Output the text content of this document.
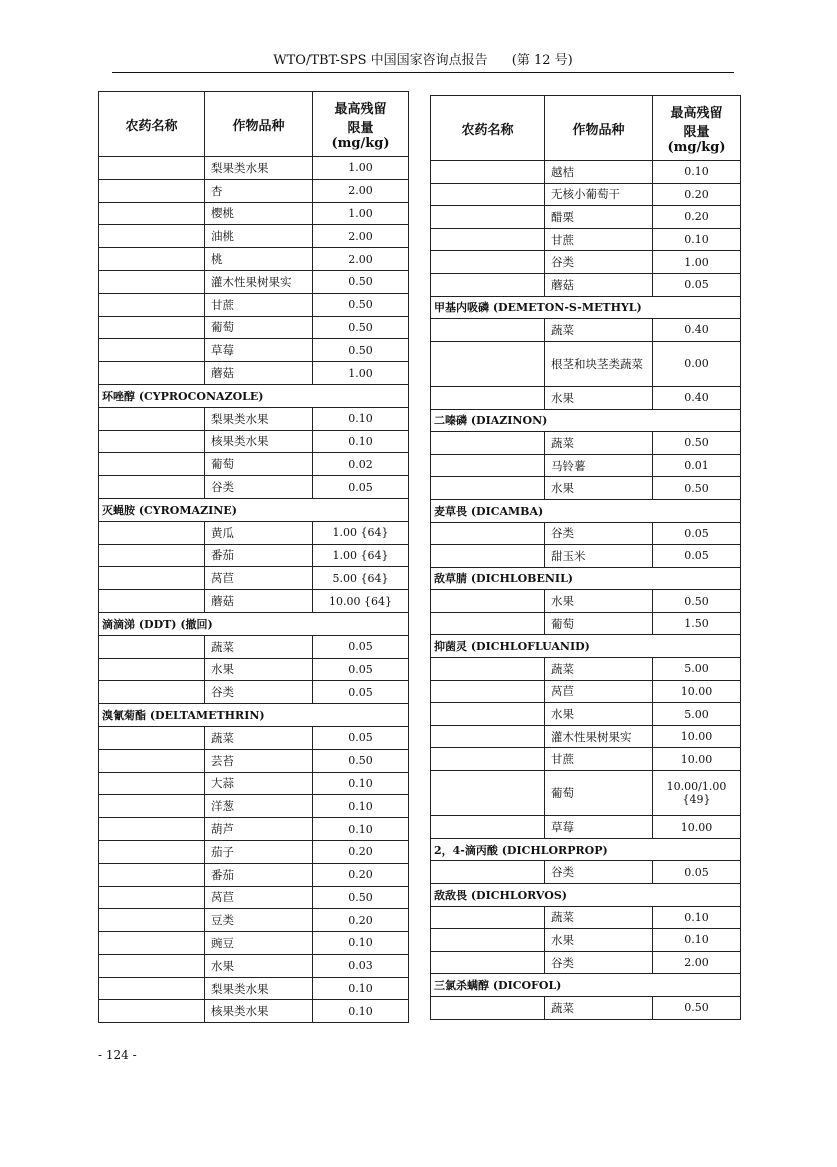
WTO/TBT-SPS 中国国家咨询点报告 (第 12 号)
农药名称	作物品种	最高残留
限量
(mg/kg)

	梨果类水果	1.00
	杏	2.00
	樱桃	1.00
	油桃	2.00
	桃	2.00
	灌木性果树果实	0.50
	甘蔗	0.50
	葡萄	0.50
	草莓	0.50
	蘑菇	1.00
环唑醇 (CYPROCONAZOLE)		
	梨果类水果	0.10
	核果类水果	0.10
	葡萄	0.02
	谷类	0.05
灭蝇胺 (CYROMAZINE)		
	黄瓜	1.00 {64}
	番茄	1.00 {64}
	莴苣	5.00 {64}
	蘑菇	10.00 {64}
滴滴涕 (DDT) (撤回)		
	蔬菜	0.05
	水果	0.05
	谷类	0.05
溴氰菊酯 (DELTAMETHRIN)		
	蔬菜	0.05
	芸苔	0.50
	大蒜	0.10
	洋葱	0.10
	葫芦	0.10
	茄子	0.20
	番茄	0.20
	莴苣	0.50
	豆类	0.20
	豌豆	0.10
	水果	0.03
	梨果类水果	0.10
	核果类水果	0.10
农药名称	作物品种	最高残留
限量
(mg/kg)

	越桔	0.10
	无核小葡萄干	0.20
	醋栗	0.20
	甘蔗	0.10
	谷类	1.00
	蘑菇	0.05
甲基内吸磷 (DEMETON-S-METHYL)		
	蔬菜	0.40
	根茎和块茎类蔬菜	0.00
	水果	0.40
二嗪磷 (DIAZINON)		
	蔬菜	0.50
	马铃薯	0.01
	水果	0.50
麦草畏 (DICAMBA)		
	谷类	0.05
	甜玉米	0.05
敌草腈 (DICHLOBENIL)		
	水果	0.50
	葡萄	1.50
抑菌灵 (DICHLOFLUANID)		
	蔬菜	5.00
	莴苣	10.00
	水果	5.00
	灌木性果树果实	10.00
	甘蔗	10.00
	葡萄	10.00/1.00 {49}
	草莓	10.00
2，4-滴丙酸 (DICHLORPROP)		
	谷类	0.05
敌敌畏 (DICHLORVOS)		
	蔬菜	0.10
	水果	0.10
	谷类	2.00
三氯杀螨醇 (DICOFOL)		
	蔬菜	0.50
- 124 -
